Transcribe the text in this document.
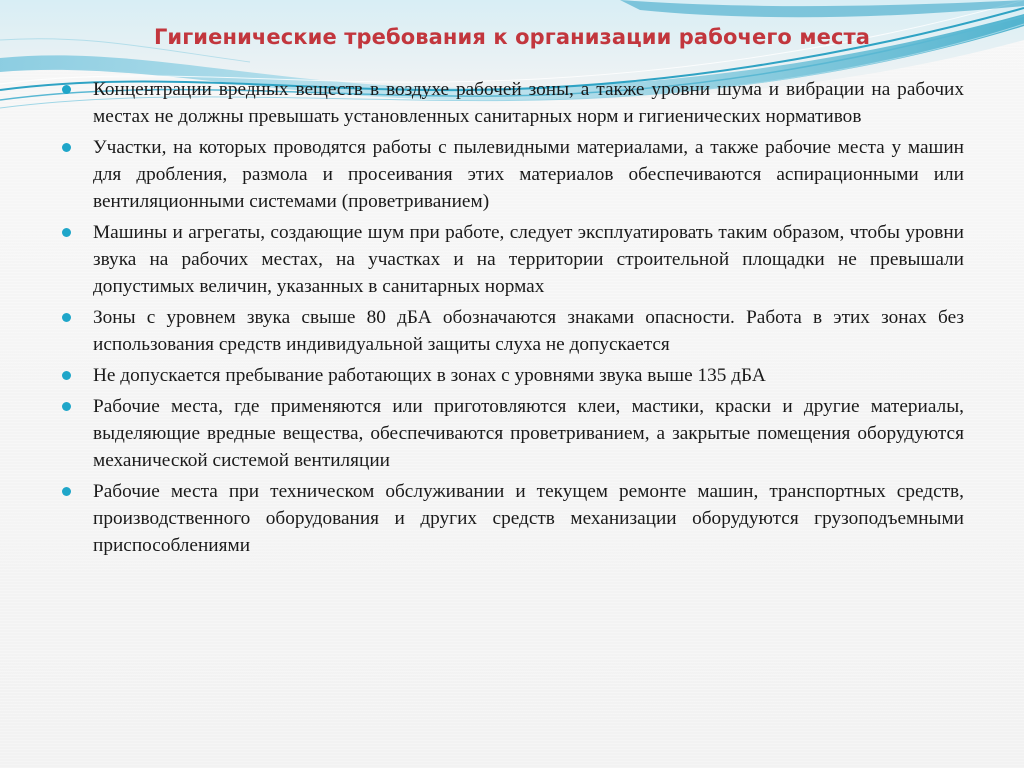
Гигиенические требования к организации рабочего места
Концентрации вредных веществ в воздухе рабочей зоны, а также уровни шума и вибрации на рабочих местах не должны превышать установленных санитарных норм и гигиенических нормативов
Участки, на которых проводятся работы с пылевидными материалами, а также рабочие места у машин для дробления, размола и просеивания этих материалов обеспечиваются аспирационными или вентиляционными системами (проветриванием)
Машины и агрегаты, создающие шум при работе, следует эксплуатировать таким образом, чтобы уровни звука на рабочих местах, на участках и на территории строительной площадки не превышали допустимых величин, указанных в санитарных нормах
Зоны с уровнем звука свыше 80 дБА обозначаются знаками опасности. Работа в этих зонах без использования средств индивидуальной защиты слуха не допускается
Не допускается пребывание работающих в зонах с уровнями звука выше 135 дБА
Рабочие места, где применяются или приготовляются клеи, мастики, краски и другие материалы, выделяющие вредные вещества, обеспечиваются проветриванием, а закрытые помещения оборудуются механической системой вентиляции
Рабочие места при техническом обслуживании и текущем ремонте машин, транспортных средств, производственного оборудования и других средств механизации оборудуются грузоподъемными приспособлениями
